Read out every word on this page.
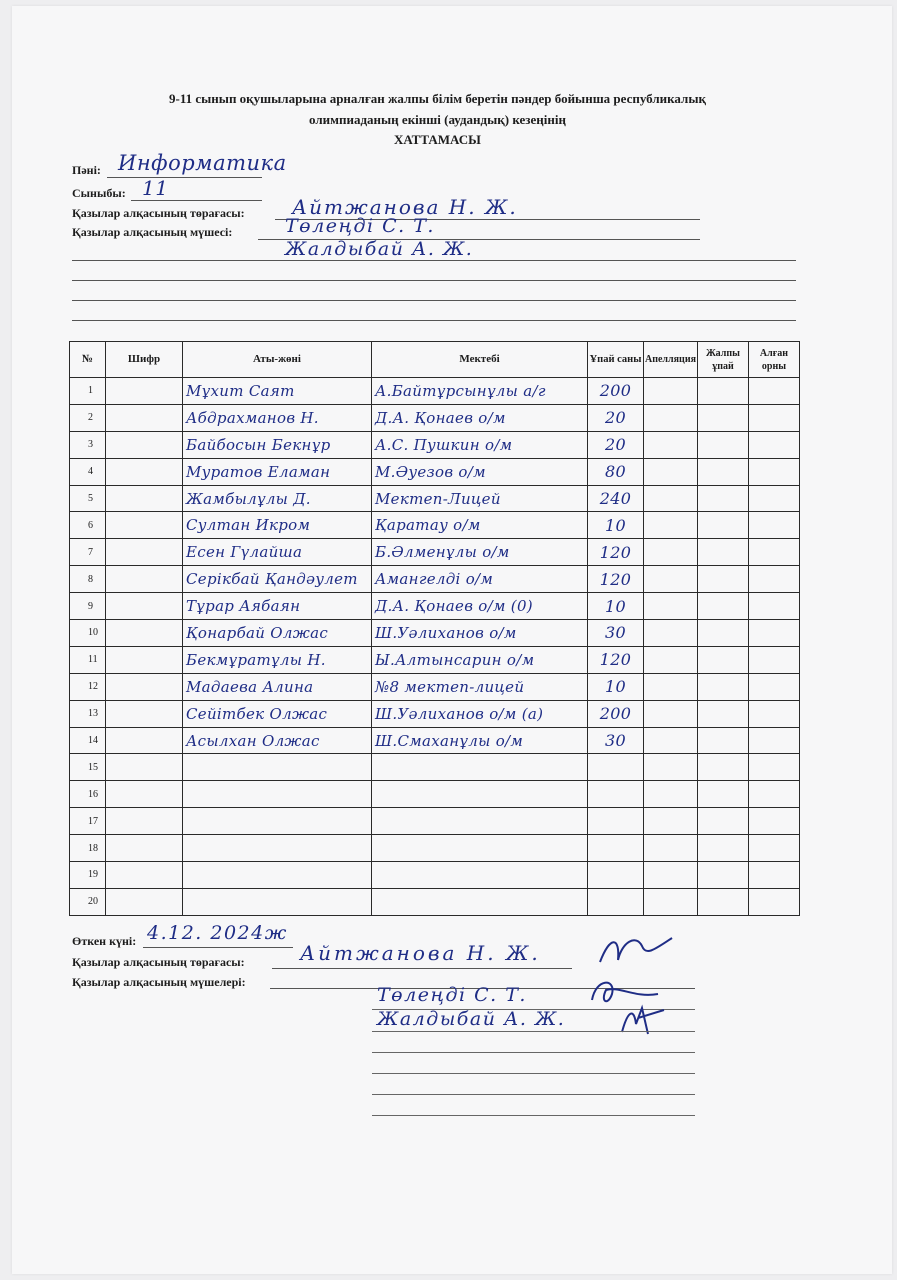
9-11 сынып оқушыларына арналған жалпы білім беретін пәндер бойынша республикалық
олимпиаданың екінші (аудандық) кезеңінің
ХАТТАМАСЫ
Пәні: Информатика
Сыныбы: 11
Қазылар алқасының төрағасы: Айтжанова Н. Ж.
Қазылар алқасының мүшесі:	Төлеңді С. Т.
Жалдыбай А. Ж.
№	Шифр	Аты-жөні	Мектебі	Ұпай саны	Апелляция	Жалпы ұпай	Алған орны
1		Мұхит Саят	А.Байтұрсынұлы а/г	200			
2		Абдрахманов Н.	Д.А. Қонаев о/м	20			
3		Байбосын Бекнұр	А.С. Пушкин о/м	20			
4		Муратов Еламан	М.Әуезов о/м	80			
5		Жамбылұлы Д.	Мектеп-Лицей	240			
6		Султан Икром	Қаратау о/м	10			
7		Есен Гүлайша	Б.Әлменұлы о/м	120			
8		Серікбай Қандәулет	Амангелді о/м	120			
9		Тұрар Аябаян	Д.А. Қонаев о/м (0)	10			
10		Қонарбай Олжас	Ш.Уәлиханов о/м	30			
11		Бекмұратұлы Н.	Ы.Алтынсарин о/м	120			
12		Мадаева Алина	№8 мектеп-лицей	10			
13		Сейітбек Олжас	Ш.Уәлиханов о/м (а)	200			
14		Асылхан Олжас	Ш.Смаханұлы о/м	30			
15							
16							
17							
18							
19							
20							
Өткен күні: 4.12. 2024ж
Қазылар алқасының төрағасы:	Айтжанова Н. Ж.
Қазылар алқасының мүшелері:
Төлеңді С. Т.
Жалдыбай А. Ж.
